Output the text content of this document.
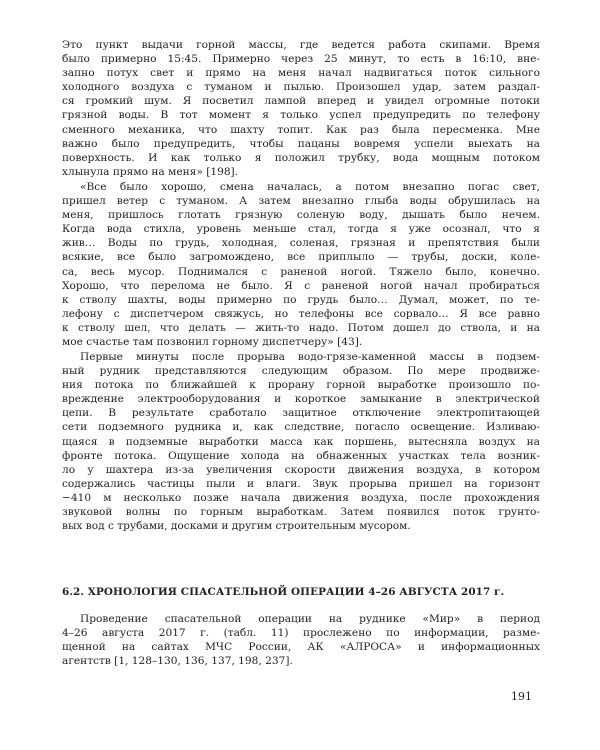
Это пункт выдачи горной массы, где ведется работа скипами. Время
было примерно 15:45. Примерно через 25 минут, то есть в 16:10, вне-
запно потух свет и прямо на меня начал надвигаться поток сильного
холодного воздуха с туманом и пылью. Произошел удар, затем раздал-
ся громкий шум. Я посветил лампой вперед и увидел огромные потоки
грязной воды. В тот момент я только успел предупредить по телефону
сменного механика, что шахту топит. Как раз была пересменка. Мне
важно было предупредить, чтобы пацаны вовремя успели выехать на
поверхность. И как только я положил трубку, вода мощным потоком
хлынула прямо на меня» [198].
«Все было хорошо, смена началась, а потом внезапно погас свет,
пришел ветер с туманом. А затем внезапно глыба воды обрушилась на
меня, пришлось глотать грязную соленую воду, дышать было нечем.
Когда вода стихла, уровень меньше стал, тогда я уже осознал, что я
жив… Воды по грудь, холодная, соленая, грязная и препятствия были
всякие, все было загромождено, все приплыло — трубы, доски, коле-
са, весь мусор. Поднимался с раненой ногой. Тяжело было, конечно.
Хорошо, что перелома не было. Я с раненой ногой начал пробираться
к стволу шахты, воды примерно по грудь было… Думал, может, по те-
лефону с диспетчером свяжусь, но телефоны все сорвало… Я все равно
к стволу шел, что делать — жить-то надо. Потом дошел до ствола, и на
мое счастье там позвонил горному диспетчеру» [43].
Первые минуты после прорыва водо-грязе-каменной массы в подзем-
ный рудник представляются следующим образом. По мере продвиже-
ния потока по ближайшей к прорану горной выработке произошло по-
вреждение электрооборудования и короткое замыкание в электрической
цепи. В результате сработало защитное отключение электропитающей
сети подземного рудника и, как следствие, погасло освещение. Изливаю-
щаяся в подземные выработки масса как поршень, вытесняла воздух на
фронте потока. Ощущение холода на обнаженных участках тела возник-
ло у шахтера из-за увеличения скорости движения воздуха, в котором
содержались частицы пыли и влаги. Звук прорыва пришел на горизонт
−410 м несколько позже начала движения воздуха, после прохождения
звуковой волны по горным выработкам. Затем появился поток грунто-
вых вод с трубами, досками и другим строительным мусором.
6.2. ХРОНОЛОГИЯ СПАСАТЕЛЬНОЙ ОПЕРАЦИИ 4–26 АВГУСТА 2017 г.
Проведение спасательной операции на руднике «Мир» в период
4–26 августа 2017 г. (табл. 11) прослежено по информации, разме-
щенной на сайтах МЧС России, АК «АЛРОСА» и информационных
агентств [1, 128–130, 136, 137, 198, 237].
191
